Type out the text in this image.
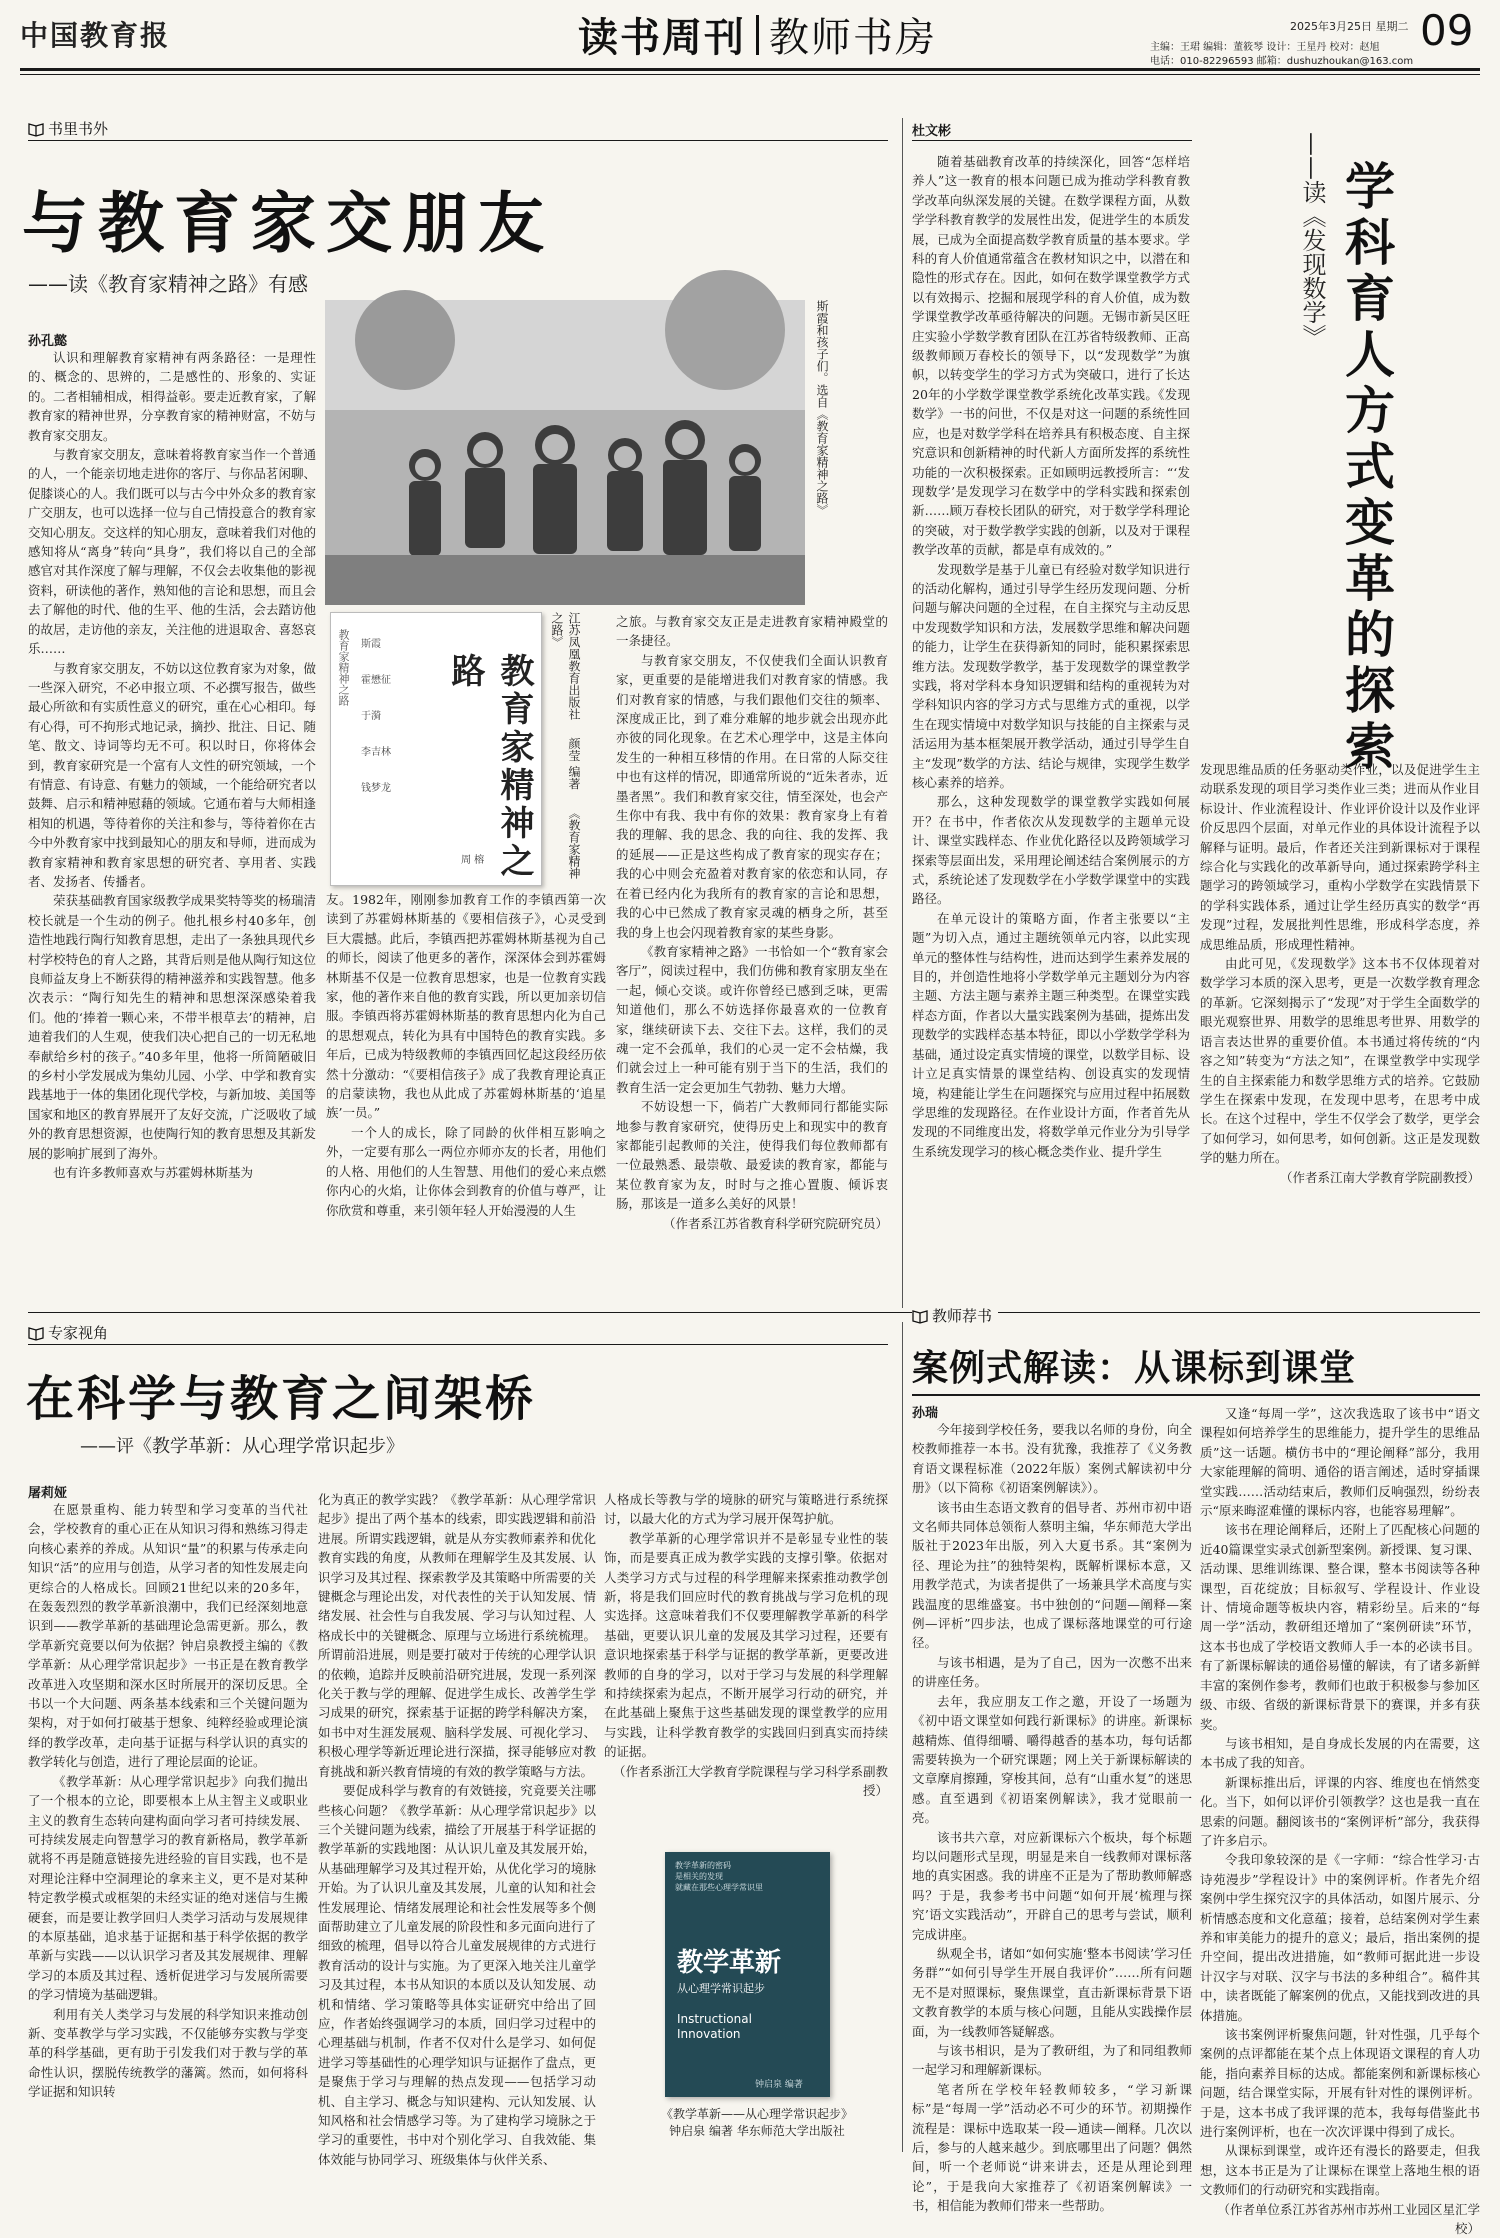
中国教育报	读书周刊 教师书房	2025年3月25日 星期二 09
主编：王珺 编辑：董筱琴 设计：王星丹 校对：赵旭
电话：010-82296593 邮箱：dushuzhoukan@163.com
书里书外
与教育家交朋友
——读《教育家精神之路》有感
孙孔懿	斯霞和孩子们。选自《教育家精神之路》
教育家精神之路 斯霞
霍懋征
于漪
李吉林
钱梦龙	教育家精神之路
周 榕
江苏凤凰教育出版社  颜莹 编著  《教育家精神之路》

认识和理解教育家精神有两条路径：一是理性的、概念的、思辨的，二是感性的、形象的、实证的。二者相辅相成，相得益彰。要走近教育家，了解教育家的精神世界，分享教育家的精神财富，不妨与教育家交朋友。

与教育家交朋友，意味着将教育家当作一个普通的人，一个能亲切地走进你的客厅、与你品茗闲聊、促膝谈心的人。我们既可以与古今中外众多的教育家广交朋友，也可以选择一位与自己情投意合的教育家交知心朋友。交这样的知心朋友，意味着我们对他的感知将从“离身”转向“具身”，我们将以自己的全部感官对其作深度了解与理解，不仅会去收集他的影视资料，研读他的著作，熟知他的言论和思想，而且会去了解他的时代、他的生平、他的生活，会去踏访他的故居，走访他的亲友，关注他的进退取舍、喜怒哀乐……

与教育家交朋友，不妨以这位教育家为对象，做一些深入研究，不必申报立项、不必撰写报告，做些最心所欲和有实质性意义的研究，重在心心相印。每有心得，可不拘形式地记录，摘抄、批注、日记、随笔、散文、诗词等均无不可。积以时日，你将体会到，教育家研究是一个富有人文性的研究领域，一个有情意、有诗意、有魅力的领域，一个能给研究者以鼓舞、启示和精神慰藉的领域。它通布着与大师相逢相知的机遇，等待着你的关注和参与，等待着你在古今中外教育家中找到最知心的朋友和导师，进而成为教育家精神和教育家思想的研究者、享用者、实践者、发扬者、传播者。

荣获基础教育国家级教学成果奖特等奖的杨瑞清校长就是一个生动的例子。他扎根乡村40多年，创造性地践行陶行知教育思想，走出了一条独具现代乡村学校特色的育人之路，其背后则是他从陶行知这位良师益友身上不断获得的精神滋养和实践智慧。他多次表示：“陶行知先生的精神和思想深深感染着我们。他的‘捧着一颗心来，不带半根草去’的精神，启迪着我们的人生观，使我们决心把自己的一切无私地奉献给乡村的孩子。”40多年里，他将一所简陋破旧的乡村小学发展成为集幼儿园、小学、中学和教育实践基地于一体的集团化现代学校，与新加坡、美国等国家和地区的教育界展开了友好交流，广泛吸收了域外的教育思想资源，也使陶行知的教育思想及其新发展的影响扩展到了海外。

也有许多教师喜欢与苏霍姆林斯基为

友。1982年，刚刚参加教育工作的李镇西第一次读到了苏霍姆林斯基的《要相信孩子》，心灵受到巨大震撼。此后，李镇西把苏霍姆林斯基视为自己的师长，阅读了他更多的著作，深深体会到苏霍姆林斯基不仅是一位教育思想家，也是一位教育实践家，他的著作来自他的教育实践，所以更加亲切信服。李镇西将苏霍姆林斯基的教育思想内化为自己的思想观点，转化为具有中国特色的教育实践。多年后，已成为特级教师的李镇西回忆起这段经历依然十分激动：“《要相信孩子》成了我教育理论真正的启蒙读物，我也从此成了苏霍姆林斯基的‘追星族’一员。”

一个人的成长，除了同龄的伙伴相互影响之外，一定要有那么一两位亦师亦友的长者，用他们的人格、用他们的人生智慧、用他们的爱心来点燃你内心的火焰，让你体会到教育的价值与尊严，让你欣赏和尊重，来引领年轻人开始漫漫的人生

之旅。与教育家交友正是走进教育家精神殿堂的一条捷径。

与教育家交朋友，不仅使我们全面认识教育家，更重要的是能增进我们对教育家的情感。我们对教育家的情感，与我们跟他们交往的频率、深度成正比，到了难分难解的地步就会出现亦此亦彼的同化现象。在艺术心理学中，这是主体向发生的一种相互移情的作用。在日常的人际交往中也有这样的情况，即通常所说的“近朱者赤，近墨者黑”。我们和教育家交往，情至深处，也会产生你中有我、我中有你的效果：教育家身上有着我的理解、我的思念、我的向往、我的发挥、我的延展——正是这些构成了教育家的现实存在；我的心中则会充盈着对教育家的依恋和认同，存在着已经内化为我所有的教育家的言论和思想，我的心中已然成了教育家灵魂的栖身之所，甚至我的身上也会闪现着教育家的某些身影。

《教育家精神之路》一书恰如一个“教育家会客厅”，阅读过程中，我们仿佛和教育家朋友坐在一起，倾心交谈。或许你曾经已感到乏味，更需知道他们，那么不妨选择你最喜欢的一位教育家，继续研读下去、交往下去。这样，我们的灵魂一定不会孤单，我们的心灵一定不会枯燥，我们就会过上一种可能有别于当下的生活，我们的教育生活一定会更加生气勃勃、魅力大增。

不妨设想一下，倘若广大教师同行都能实际地参与教育家研究，使得历史上和现实中的教育家都能引起教师的关注，使得我们每位教师都有一位最熟悉、最崇敬、最爱读的教育家，都能与某位教育家为友，时时与之推心置腹、倾诉衷肠，那该是一道多么美好的风景！

（作者系江苏省教育科学研究院研究员）

杜文彬

随着基础教育改革的持续深化，回答“怎样培养人”这一教育的根本问题已成为推动学科教育教学改革向纵深发展的关键。在数学课程方面，从数学学科教育教学的发展性出发，促进学生的本质发展，已成为全面提高数学教育质量的基本要求。学科的育人价值通常蕴含在教材知识之中，以潜在和隐性的形式存在。因此，如何在数学课堂教学方式以有效揭示、挖掘和展现学科的育人价值，成为数学课堂教学改革亟待解决的问题。无锡市新吴区旺庄实验小学数学教育团队在江苏省特级教师、正高级教师顾万春校长的领导下，以“发现数学”为旗帜，以转变学生的学习方式为突破口，进行了长达20年的小学数学课堂教学系统化改革实践。《发现数学》一书的问世，不仅是对这一问题的系统性回应，也是对数学学科在培养具有积极态度、自主探究意识和创新精神的时代新人方面所发挥的系统性功能的一次积极探索。正如顾明远教授所言：“‘发现数学’是发现学习在数学中的学科实践和探索创新……顾万春校长团队的研究，对于数学学科理论的突破，对于数学教学实践的创新，以及对于课程教学改革的贡献，都是卓有成效的。”

发现数学是基于儿童已有经验对数学知识进行的活动化解构，通过引导学生经历发现问题、分析问题与解决问题的全过程，在自主探究与主动反思中发现数学知识和方法，发展数学思维和解决问题的能力，让学生在获得新知的同时，能积累探索思维方法。发现数学教学，基于发现数学的课堂教学实践，将对学科本身知识逻辑和结构的重视转为对学科知识内容的学习方式与思维方式的重视，以学生在现实情境中对数学知识与技能的自主探索与灵活运用为基本框架展开教学活动，通过引导学生自主“发现”数学的方法、结论与规律，实现学生数学核心素养的培养。

那么，这种发现数学的课堂教学实践如何展开？在书中，作者依次从发现数学的主题单元设计、课堂实践样态、作业优化路径以及跨领域学习探索等层面出发，采用理论阐述结合案例展示的方式，系统论述了发现数学在小学数学课堂中的实践路径。

在单元设计的策略方面，作者主张要以“主题”为切入点，通过主题统领单元内容，以此实现单元的整体性与结构性，进而达到学生素养发展的目的，并创造性地将小学数学单元主题划分为内容主题、方法主题与素养主题三种类型。在课堂实践样态方面，作者以大量实践案例为基础，提炼出发现数学的实践样态基本特征，即以小学数学学科为基础，通过设定真实情境的课堂，以数学目标、设计立足真实情景的课堂结构、创设真实的发现情境，构建能让学生在问题探究与应用过程中拓展数学思维的发现路径。在作业设计方面，作者首先从发现的不同维度出发，将数学单元作业分为引导学生系统发现学习的核心概念类作业、提升学生

——读《发现数学》 学科育人方式变革的探索

发现思维品质的任务驱动类作业，以及促进学生主动联系发现的项目学习类作业三类；进而从作业目标设计、作业流程设计、作业评价设计以及作业评价反思四个层面，对单元作业的具体设计流程予以解释与证明。最后，作者还关注到新课标对于课程综合化与实践化的改革新导向，通过探索跨学科主题学习的跨领域学习，重构小学数学在实践情景下的学科实践体系，通过让学生经历真实的数学“再发现”过程，发展批判性思维，形成科学态度，养成思维品质，形成理性精神。

由此可见，《发现数学》这本书不仅体现着对数学学习本质的深入思考，更是一次数学教育理念的革新。它深刻揭示了“发现”对于学生全面数学的眼光观察世界、用数学的思维思考世界、用数学的语言表达世界的重要价值。本书通过将传统的“内容之知”转变为“方法之知”，在课堂教学中实现学生的自主探索能力和数学思维方式的培养。它鼓励学生在探索中发现，在发现中思考，在思考中成长。在这个过程中，学生不仅学会了数学，更学会了如何学习，如何思考，如何创新。这正是发现数学的魅力所在。

（作者系江南大学教育学院副教授）

专家视角
在科学与教育之间架桥
——评《教学革新：从心理学常识起步》
屠莉娅

在愿景重构、能力转型和学习变革的当代社会，学校教育的重心正在从知识习得和熟练习得走向核心素养的养成。从知识“量”的积累与传承走向知识“活”的应用与创造，从学习者的知性发展走向更综合的人格成长。回顾21世纪以来的20多年，在轰轰烈烈的教学革新浪潮中，我们已经深刻地意识到——教学革新的基础理论急需更新。那么，教学革新究竟要以何为依据？钟启泉教授主编的《教学革新：从心理学常识起步》一书正是在教育教学改革进入攻坚期和深水区时所展开的深切反思。全书以一个大问题、两条基本线索和三个关键问题为架构，对于如何打破基于想象、纯粹经验或理论演绎的教学改革，走向基于证据与科学认识的真实的教学转化与创造，进行了理论层面的论证。

《教学革新：从心理学常识起步》向我们抛出了一个根本的立论，即要根本上从主智主义或职业主义的教育生态转向建构面向学习者可持续发展、可持续发展走向智慧学习的教育新格局，教学革新就将不再是随意链接先进经验的盲目实践，也不是对理论注释中空洞理论的拿来主义，更不是对某种特定教学模式或框架的未经实证的绝对迷信与生搬硬套，而是要让教学回归人类学习活动与发展规律的本原基础，追求基于证据和基于科学依据的教学革新与实践——以认识学习者及其发展规律、理解学习的本质及其过程、透析促进学习与发展所需要的学习情境为基础逻辑。

利用有关人类学习与发展的科学知识来推动创新、变革教学与学习实践，不仅能够夯实教与学变革的科学基础，更有助于引发我们对于教与学的革命性认识，摆脱传统教学的藩篱。然而，如何将科学证据和知识转

化为真正的教学实践？《教学革新：从心理学常识起步》提出了两个基本的线索，即实践逻辑和前沿进展。所谓实践逻辑，就是从夯实教师素养和优化教育实践的角度，从教师在理解学生及其发展、认识学习及其过程、探索教学及其策略中所需要的关键概念与理论出发，对代表性的关于认知发展、情绪发展、社会性与自我发展、学习与认知过程、人格成长中的关键概念、原理与立场进行系统梳理。所谓前沿进展，则是要打破对于传统的心理学认识的依赖，追踪并反映前沿研究进展，发现一系列深化关于教与学的理解、促进学生成长、改善学生学习成果的研究，探索基于证据的跨学科解决方案，如书中对生涯发展观、脑科学发展、可视化学习、积极心理学等新近理论进行深描，探寻能够应对教育挑战和新兴教育情境的有效的教学策略与方法。

要促成科学与教育的有效链接，究竟要关注哪些核心问题？《教学革新：从心理学常识起步》以三个关键问题为线索，描绘了开展基于科学证据的教学革新的实践地图：从认识儿童及其发展开始，从基础理解学习及其过程开始，从优化学习的境脉开始。为了认识儿童及其发展，儿童的认知和社会性发展理论、情绪发展理论和社会性发展等多个侧面帮助建立了儿童发展的阶段性和多元面向进行了细致的梳理，倡导以符合儿童发展规律的方式进行教育活动的设计与实施。为了更深入地关注儿童学习及其过程，本书从知识的本质以及认知发展、动机和情绪、学习策略等具体实证研究中给出了回应，作者始终强调学习的本质，回归学习过程中的心理基础与机制，作者不仅对什么是学习、如何促进学习等基础性的心理学知识与证据作了盘点，更是聚焦于学习与理解的热点发现——包括学习动机、自主学习、概念与知识建构、元认知发展、认知风格和社会情感学习等。为了建构学习境脉之于学习的重要性，书中对个别化学习、自我效能、集体效能与协同学习、班级集体与伙伴关系、

人格成长等教与学的境脉的研究与策略进行系统探讨，以最大化的方式为学习展开保驾护航。

教学革新的心理学常识并不是彰显专业性的装饰，而是要真正成为教学实践的支撑引擎。依据对人类学习方式与过程的科学理解来探索推动教学创新，将是我们回应时代的教育挑战与学习危机的现实选择。这意味着我们不仅要理解教学革新的科学基础，更要认识儿童的发展及其学习过程，还要有意识地探索基于科学与证据的教学革新，更要改进教师的自身的学习，以对于学习与发展的科学理解和持续探索为起点，不断开展学习行动的研究，并在此基础上聚焦于这些基础发现的课堂教学的应用与实践，让科学教育教学的实践回归到真实而持续的证据。

（作者系浙江大学教育学院课程与学习科学系副教授）

教学革新的密码
是相关的发现
就藏在那些心理学常识里
教学革新
从心理学常识起步
Instructional Innovation
钟启泉 编著
《教学革新——从心理学常识起步》
钟启泉 编著 华东师范大学出版社
教师荐书
案例式解读：从课标到课堂
孙瑞

今年接到学校任务，要我以名师的身份，向全校教师推荐一本书。没有犹豫，我推荐了《义务教育语文课程标准（2022年版）案例式解读初中分册》（以下简称《初语案例解读》）。

该书由生态语文教育的倡导者、苏州市初中语文名师共同体总领衔人蔡明主编，华东师范大学出版社于2023年出版，列入大夏书系。其“案例为径、理论为拄”的独特架构，既解析课标本意，又用教学范式，为读者提供了一场兼具学术高度与实践温度的思维盛宴。书中独创的“问题—阐释—案例—评析”四步法，也成了课标落地课堂的可行途径。

与该书相遇，是为了自己，因为一次憋不出来的讲座任务。

去年，我应朋友工作之邀，开设了一场题为《初中语文课堂如何践行新课标》的讲座。新课标越精炼、值得细嚼、嚼得越香的基本功，每句话都需要转换为一个研究课题；网上关于新课标解读的文章摩肩擦踵，穿梭其间，总有“山重水复”的迷思感。直至遇到《初语案例解读》，我才觉眼前一亮。

该书共六章，对应新课标六个板块，每个标题均以问题形式呈现，明显是来自一线教师对课标落地的真实困惑。我的讲座不正是为了帮助教师解惑吗？于是，我参考书中问题“如何开展‘梳理与探究’语文实践活动”，开辟自己的思考与尝试，顺利完成讲座。

纵观全书，诸如“如何实施‘整本书阅读’学习任务群”“如何引导学生开展自我评价”……所有问题无不是对照课标，聚焦课堂，直击新课标背景下语文教育教学的本质与核心问题，且能从实践操作层面，为一线教师答疑解惑。

与该书相识，是为了教研组，为了和同组教师一起学习和理解新课标。

笔者所在学校年轻教师较多，“学习新课标”是“每周一学”活动必不可少的环节。初期操作流程是：课标中选取某一段—通读—阐释。几次以后，参与的人越来越少。到底哪里出了问题？偶然间，听一个老师说“讲来讲去，还是从理论到理论”，于是我向大家推荐了《初语案例解读》一书，相信能为教师们带来一些帮助。

又逢“每周一学”，这次我选取了该书中“语文课程如何培养学生的思维能力，提升学生的思维品质”这一话题。横仿书中的“理论阐释”部分，我用大家能理解的简明、通俗的语言阐述，适时穿插课堂实践……活动结束后，教师们反响强烈，纷纷表示“原来晦涩难懂的课标内容，也能容易理解”。

该书在理论阐释后，还附上了匹配核心问题的近40篇课堂实录式创新型案例。新授课、复习课、活动课、思维训练课、整合课，整本书阅读等各种课型，百花绽放；目标叙写、学程设计、作业设计、情境命题等板块内容，精彩纷呈。后来的“每周一学”活动，教研组还增加了“案例研读”环节，这本书也成了学校语文教师人手一本的必读书目。有了新课标解读的通俗易懂的解读，有了诸多新鲜丰富的案例作参考，教师们也敢于积极参与参加区级、市级、省级的新课标背景下的赛课，并多有获奖。

与该书相知，是自身成长发展的内在需要，这本书成了我的知音。

新课标推出后，评课的内容、维度也在悄然变化。当下，如何以评价引领教学？这也是我一直在思索的问题。翻阅该书的“案例评析”部分，我获得了许多启示。

令我印象较深的是《一字师：“综合性学习·古诗苑漫步”学程设计》中的案例评析。作者先介绍案例中学生探究汉字的具体活动，如图片展示、分析情感态度和文化意蕴；接着，总结案例对学生素养和审美能力的提升的意义；最后，指出案例的提升空间，提出改进措施，如“教师可据此进一步设计汉字与对联、汉字与书法的多种组合”。稿件其中，读者既能了解案例的优点，又能找到改进的具体措施。

该书案例评析聚焦问题，针对性强，几乎每个案例的点评都能在某个点上体现语文课程的育人功能，指向素养目标的达成。都能案例和新课标核心问题，结合课堂实际，开展有针对性的课例评析。于是，这本书成了我评课的范本，我每每借鉴此书进行案例评析，也在一次次评课中得到了成长。

从课标到课堂，或许还有漫长的路要走，但我想，这本书正是为了让课标在课堂上落地生根的语文教师们的行动研究和实践指南。

（作者单位系江苏省苏州市苏州工业园区星汇学校）
